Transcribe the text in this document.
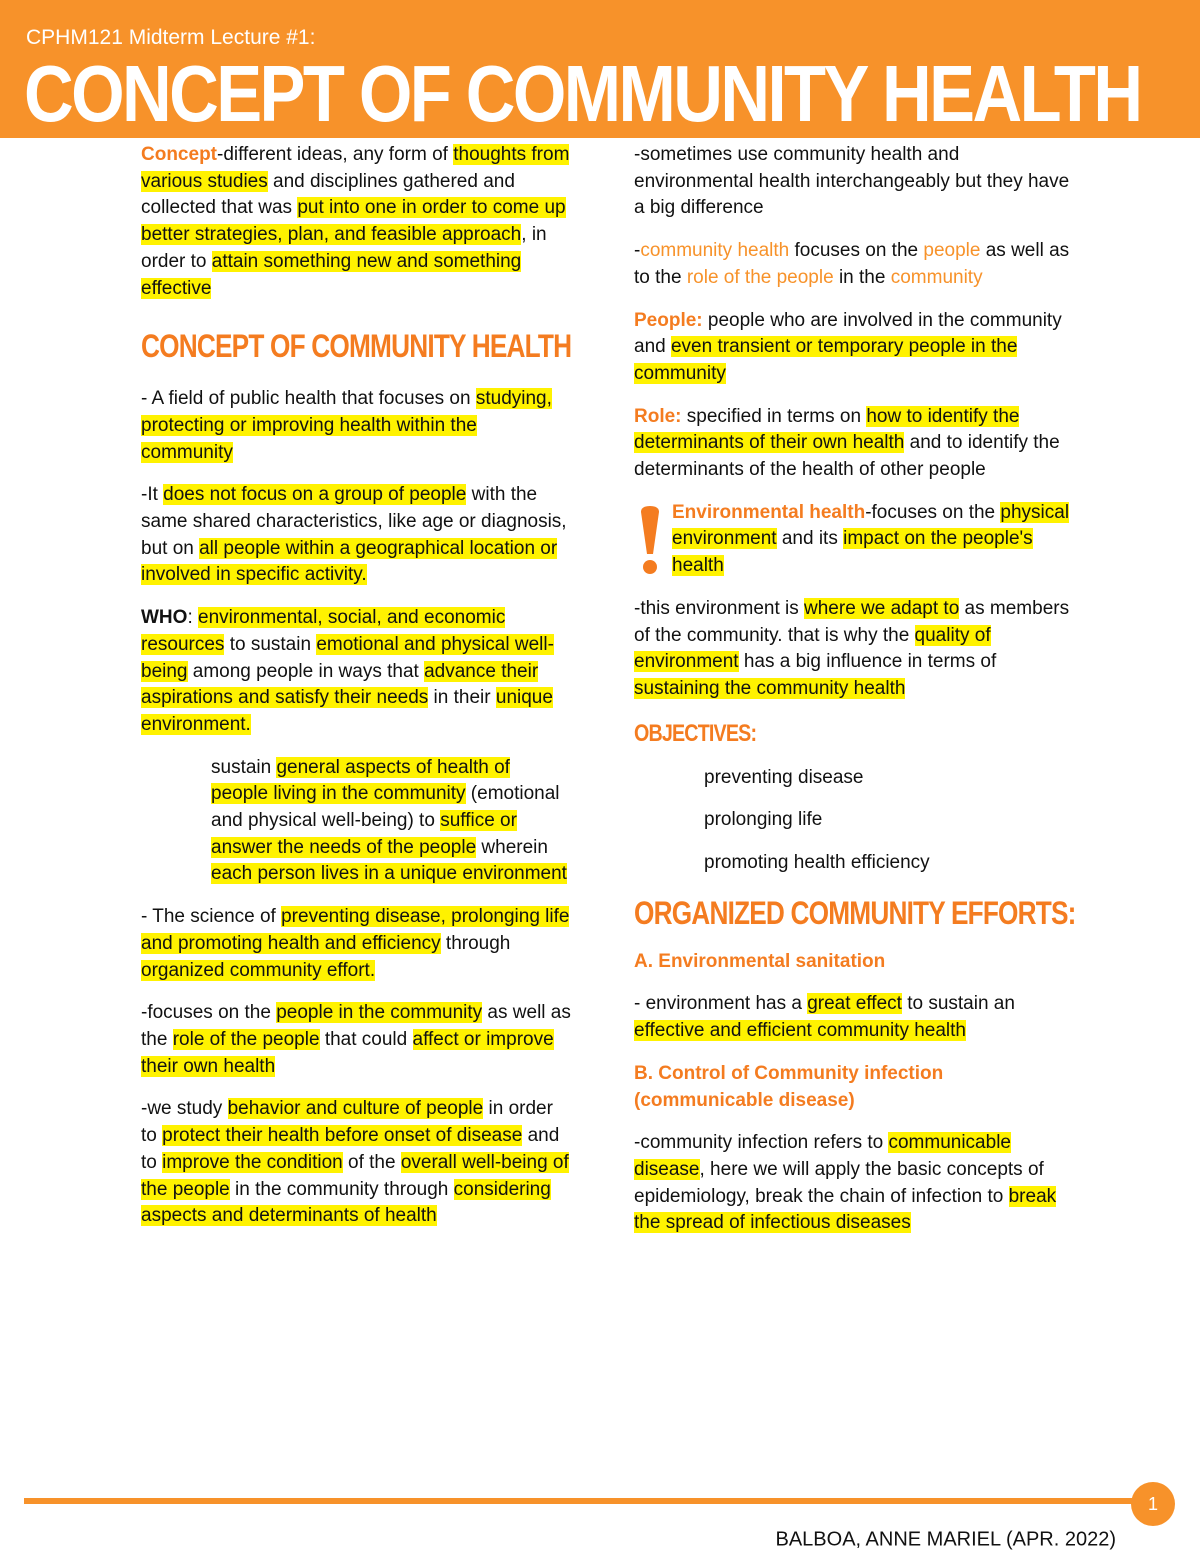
CPHM121 Midterm Lecture #1:
CONCEPT OF COMMUNITY HEALTH

Concept-different ideas, any form of thoughts from various studies and disciplines gathered and collected that was put into one in order to come up better strategies, plan, and feasible approach, in order to attain something new and something effective

CONCEPT OF COMMUNITY HEALTH

- A field of public health that focuses on studying, protecting or improving health within the community

-It does not focus on a group of people with the same shared characteristics, like age or diagnosis, but on all people within a geographical location or involved in specific activity.

WHO: environmental, social, and economic resources to sustain emotional and physical well-being among people in ways that advance their aspirations and satisfy their needs in their unique environment.

sustain general aspects of health of people living in the community (emotional and physical well-being) to suffice or answer the needs of the people wherein each person lives in a unique environment

- The science of preventing disease, prolonging life and promoting health and efficiency through organized community effort.

-focuses on the people in the community as well as the role of the people that could affect or improve their own health

-we study behavior and culture of people in order to protect their health before onset of disease and to improve the condition of the overall well-being of the people in the community through considering aspects and determinants of health

-sometimes use community health and environmental health interchangeably but they have a big difference

-community health focuses on the people as well as to the role of the people in the community

People: people who are involved in the community and even transient or temporary people in the community

Role: specified in terms on how to identify the determinants of their own health and to identify the determinants of the health of other people

Environmental health-focuses on the physical environment and its impact on the people's health

-this environment is where we adapt to as members of the community. that is why the quality of environment has a big influence in terms of sustaining the community health

OBJECTIVES:

preventing disease

prolonging life

promoting health efficiency

ORGANIZED COMMUNITY EFFORTS:

A. Environmental sanitation

- environment has a great effect to sustain an effective and efficient community health

B. Control of Community infection (communicable disease)

-community infection refers to communicable disease, here we will apply the basic concepts of epidemiology, break the chain of infection to break the spread of infectious diseases

1
BALBOA, ANNE MARIEL (APR. 2022)
